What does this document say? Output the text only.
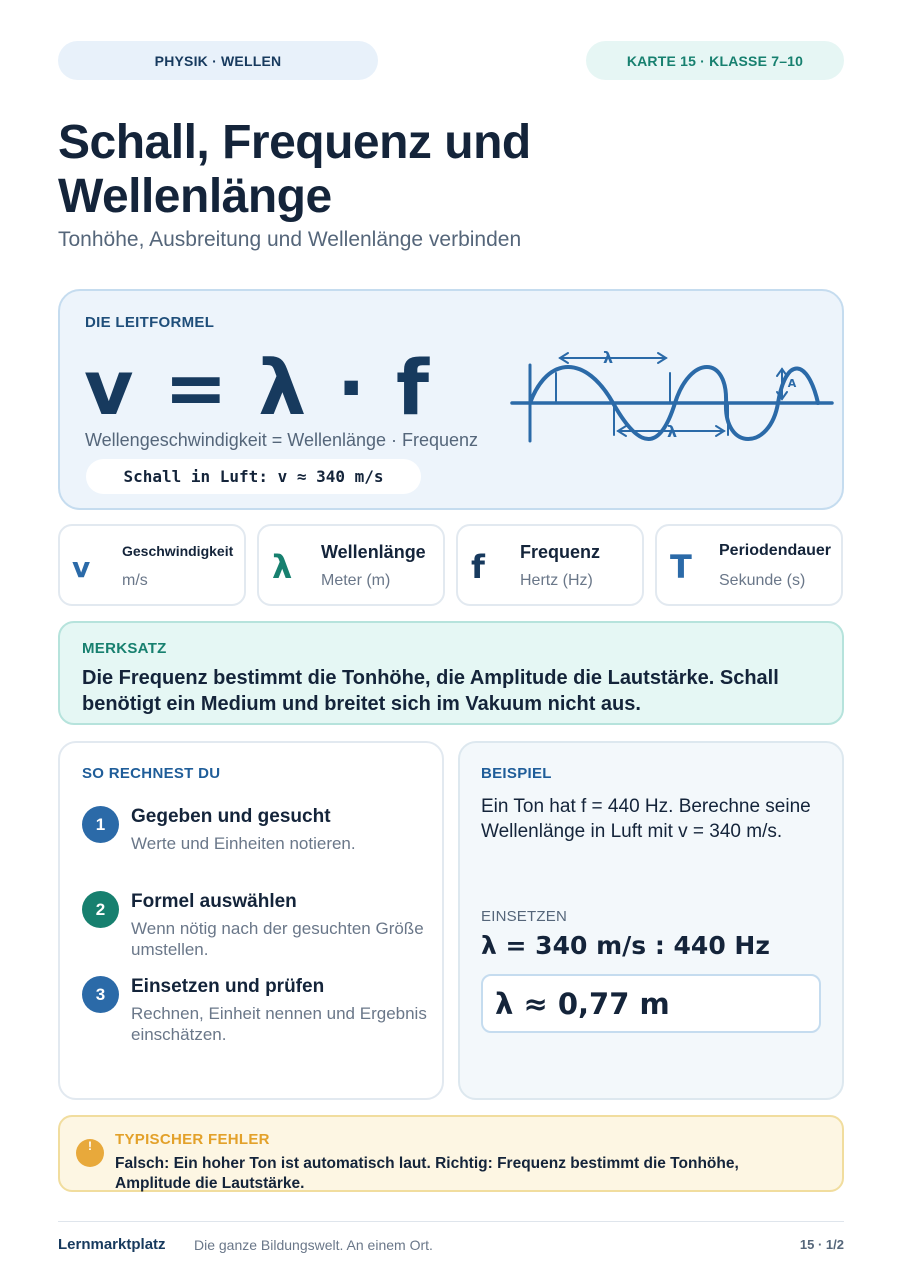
PHYSIK · WELLEN	KARTE 15 · KLASSE 7–10
Schall, Frequenz und Wellenlänge
Tonhöhe, Ausbreitung und Wellenlänge verbinden
DIE LEITFORMEL
v = λ · f
Wellengeschwindigkeit = Wellenlänge · Frequenz
Schall in Luft: v ≈ 340 m/s
λ
λ
A
v Geschwindigkeit
m/s	λ Wellenlänge
Meter (m)	f Frequenz
Hertz (Hz) T Periodendauer
Sekunde (s)
MERKSATZ

Die Frequenz bestimmt die Tonhöhe, die Amplitude die Lautstärke. Schall benötigt ein Medium und breitet sich im Vakuum nicht aus.

SO RECHNEST DU
1	Gegeben und gesucht
Werte und Einheiten notieren.
2	Formel auswählen
Wenn nötig nach der gesuchten Größe umstellen.
3	Einsetzen und prüfen
Rechnen, Einheit nennen und Ergebnis einschätzen.
BEISPIEL

Ein Ton hat f = 440 Hz. Berechne seine Wellenlänge in Luft mit v = 340 m/s.

EINSETZEN
λ = 340 m/s : 440 Hz
λ ≈ 0,77 m
!
TYPISCHER FEHLER

Falsch: Ein hoher Ton ist automatisch laut. Richtig: Frequenz bestimmt die Tonhöhe, Amplitude die Lautstärke.

Lernmarktplatz Die ganze Bildungswelt. An einem Ort.	15 · 1/2
